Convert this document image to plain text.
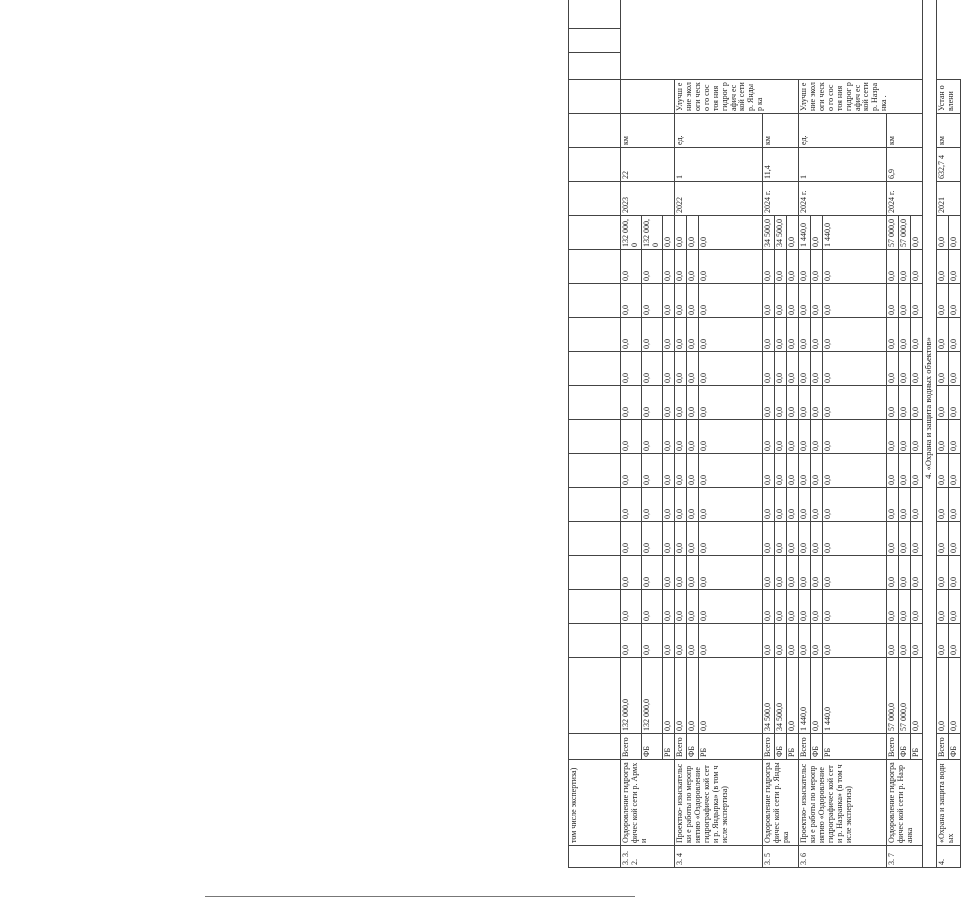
	том числе экспертиза)																							
3. 3. 2.	Оздоровление гидрографичес кой сети р. Армхи	Всего	132 000,0	0,0	0,0	0,0	0,0	0,0	0,0	0,0	0,0	0,0	0,0	0,0	0,0	132 000,0	2023	22	км					
		ФБ	132 000,0	0,0	0,0	0,0	0,0	0,0	0,0	0,0	0,0	0,0	0,0	0,0	0,0	132 000,0								
		РБ	0,0	0,0	0,0	0,0	0,0	0,0	0,0	0,0	0,0	0,0	0,0	0,0	0,0	0,0								
3. 4	Проектно- изыскательски е работы по мероприятию «Оздоровление гидрографичес кой сети р. Яндырка» (в том числе экспертиза)	Всего	0,0	0,0	0,0	0,0	0,0	0,0	0,0	0,0	0,0	0,0	0,0	0,0	0,0	0,0	2022	1	ед.	Улучш ение экологи ческо го состоя ния гидрог рафич еской сети р. Яндыр ка				
		ФБ	0,0	0,0	0,0	0,0	0,0	0,0	0,0	0,0	0,0	0,0	0,0	0,0	0,0	0,0								
		РБ	0,0	0,0	0,0	0,0	0,0	0,0	0,0	0,0	0,0	0,0	0,0	0,0	0,0	0,0								
3. 5	Оздоровление гидрографичес кой сети р. Яндырка	Всего	34 500,0	0,0	0,0	0,0	0,0	0,0	0,0	0,0	0,0	0,0	0,0	0,0	0,0	34 500,0	2024 г.	11,4	км					
		ФБ	34 500,0	0,0	0,0	0,0	0,0	0,0	0,0	0,0	0,0	0,0	0,0	0,0	0,0	34 500,0								
		РБ	0,0	0,0	0,0	0,0	0,0	0,0	0,0	0,0	0,0	0,0	0,0	0,0	0,0	0,0								
3. 6	Проектно- изыскательски е работы по мероприятию «Оздоровление гидрографичес кой сети р. Назранка» (в том числе экспертиза)	Всего	1 440,0	0,0	0,0	0,0	0,0	0,0	0,0	0,0	0,0	0,0	0,0	0,0	0,0	1 440,0	2024 г.	1	ед.	Улучш ение экологи ческо го состоя ния гидрог рафич еской сети р. Назра нка .				
		ФБ	0,0	0,0	0,0	0,0	0,0	0,0	0,0	0,0	0,0	0,0	0,0	0,0	0,0	0,0								
		РБ	1 440,0	0,0	0,0	0,0	0,0	0,0	0,0	0,0	0,0	0,0	0,0	0,0	0,0	1 440,0								
3. 7	Оздоровление гидрографичес кой сети р. Назранка	Всего	57 000,0	0,0	0,0	0,0	0,0	0,0	0,0	0,0	0,0	0,0	0,0	0,0	0,0	57 000,0	2024 г.	6,9	км					
		ФБ	57 000,0	0,0	0,0	0,0	0,0	0,0	0,0	0,0	0,0	0,0	0,0	0,0	0,0	57 000,0								
		РБ	0,0	0,0	0,0	0,0	0,0	0,0	0,0	0,0	0,0	0,0	0,0	0,0	0,0	0,0								
4. «Охрана и защита водных объектов»																								
4.	«Охрана и защита водных	Всего	0,0	0,0	0,0	0,0	0,0	0,0	0,0	0,0	0,0	0,0	0,0	0,0	0,0	0,0	2021	632,7 4	км	Устан овлени				
		ФБ	0,0	0,0	0,0	0,0	0,0	0,0	0,0	0,0	0,0	0,0	0,0	0,0	0,0	0,0								
